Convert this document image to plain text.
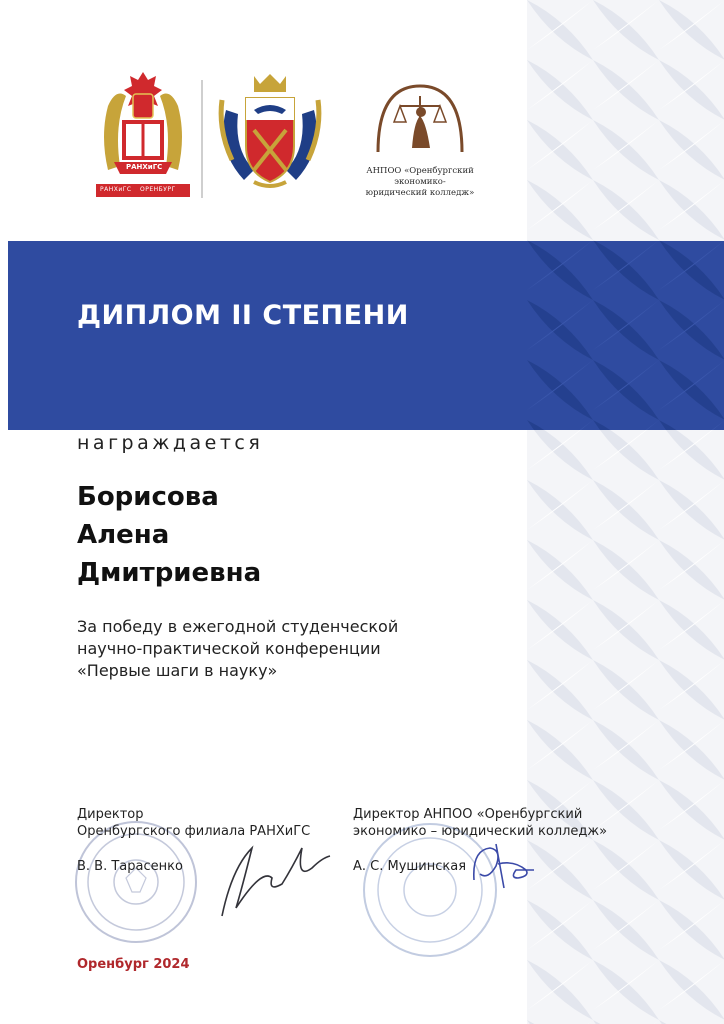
РАНХиГС
РАНХиГС ОРЕНБУРГ
АНПОО «Оренбургский экономико-
юридический колледж»
ДИПЛОМ II СТЕПЕНИ
награждается
Борисова
Алена
Дмитриевна
За победу в ежегодной студенческой
научно-практической конференции
«Первые шаги в науку»
Директор
Оренбургского филиала РАНХиГС
В. В. Тарасенко
Директор АНПОО «Оренбургский
экономико – юридический колледж»
А. С. Мушинская
Оренбург 2024
